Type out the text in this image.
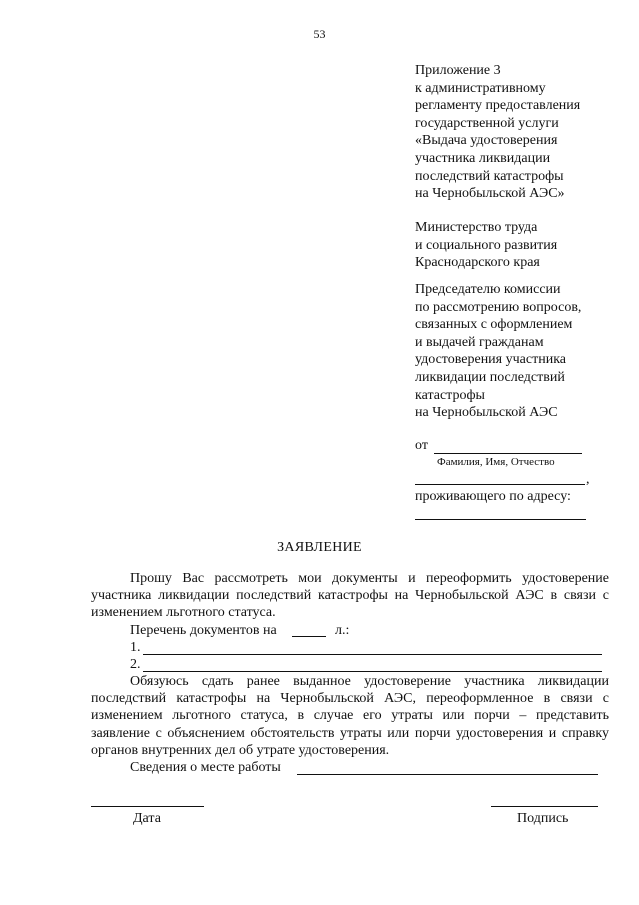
53
Приложение 3
к административному
регламенту предоставления
государственной услуги
«Выдача удостоверения
участника ликвидации
последствий катастрофы
на Чернобыльской АЭС»
Министерство труда
и социального развития
Краснодарского края
Председателю комиссии
по рассмотрению вопросов,
связанных с оформлением
и выдачей гражданам
удостоверения участника
ликвидации последствий
катастрофы
на Чернобыльской АЭС
от
Фамилия, Имя, Отчество
,
проживающего по адресу:
ЗАЯВЛЕНИЕ
Прошу Вас рассмотреть мои документы и переоформить удостоверение участника ликвидации последствий катастрофы на Чернобыльской АЭС в связи с изменением льготного статуса.
Перечень документов на	л.:
1.
2.
Обязуюсь сдать ранее выданное удостоверение участника ликвидации последствий катастрофы на Чернобыльской АЭС, переоформленное в связи с изменением льготного статуса, в случае его утраты или порчи – представить заявление с объяснением обстоятельств утраты или порчи удостоверения и справку органов внутренних дел об утрате удостоверения.
Сведения о месте работы
Дата	Подпись
